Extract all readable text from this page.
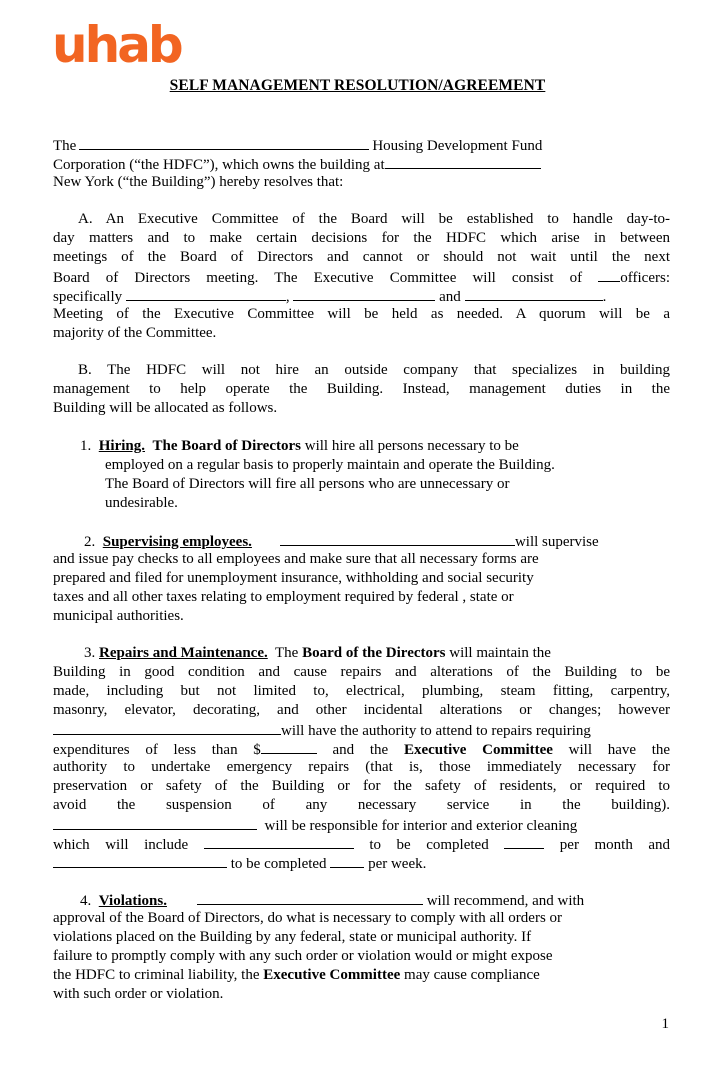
uhab
SELF MANAGEMENT RESOLUTION/AGREEMENT
The	Housing Development Fund
Corporation (“the HDFC”), which owns the building at
New York (“the Building”) hereby resolves that:
A. An Executive Committee of the Board will be established to handle day-to-
day matters and to make certain decisions for the HDFC which arise in between
meetings of the Board of Directors and cannot or should not wait until the next
Board of Directors meeting. The Executive Committee will consist of	officers:
specifically	,	and	.
Meeting of the Executive Committee will be held as needed. A quorum will be a
majority of the Committee.
B. The HDFC will not hire an outside company that specializes in building
management to help operate the Building. Instead, management duties in the
Building will be allocated as follows.
1. Hiring. The Board of Directors will hire all persons necessary to be
employed on a regular basis to properly maintain and operate the Building.
The Board of Directors will fire all persons who are unnecessary or
undesirable.
2. Supervising employees.	will supervise
and issue pay checks to all employees and make sure that all necessary forms are
prepared and filed for unemployment insurance, withholding and social security
taxes and all other taxes relating to employment required by federal , state or
municipal authorities.
3. Repairs and Maintenance. The Board of the Directors will maintain the
Building in good condition and cause repairs and alterations of the Building to be
made, including but not limited to, electrical, plumbing, steam fitting, carpentry,
masonry, elevator, decorating, and other incidental alterations or changes; however
will have the authority to attend to repairs requiring
expenditures of less than $	and the Executive Committee will have the
authority to undertake emergency repairs (that is, those immediately necessary for
preservation or safety of the Building or for the safety of residents, or required to
avoid the suspension of any necessary service in the building).
will be responsible for interior and exterior cleaning
which will include	to be completed	per month and
to be completed	per week.
4. Violations.	will recommend, and with
approval of the Board of Directors, do what is necessary to comply with all orders or
violations placed on the Building by any federal, state or municipal authority. If
failure to promptly comply with any such order or violation would or might expose
the HDFC to criminal liability, the Executive Committee may cause compliance
with such order or violation.
1
